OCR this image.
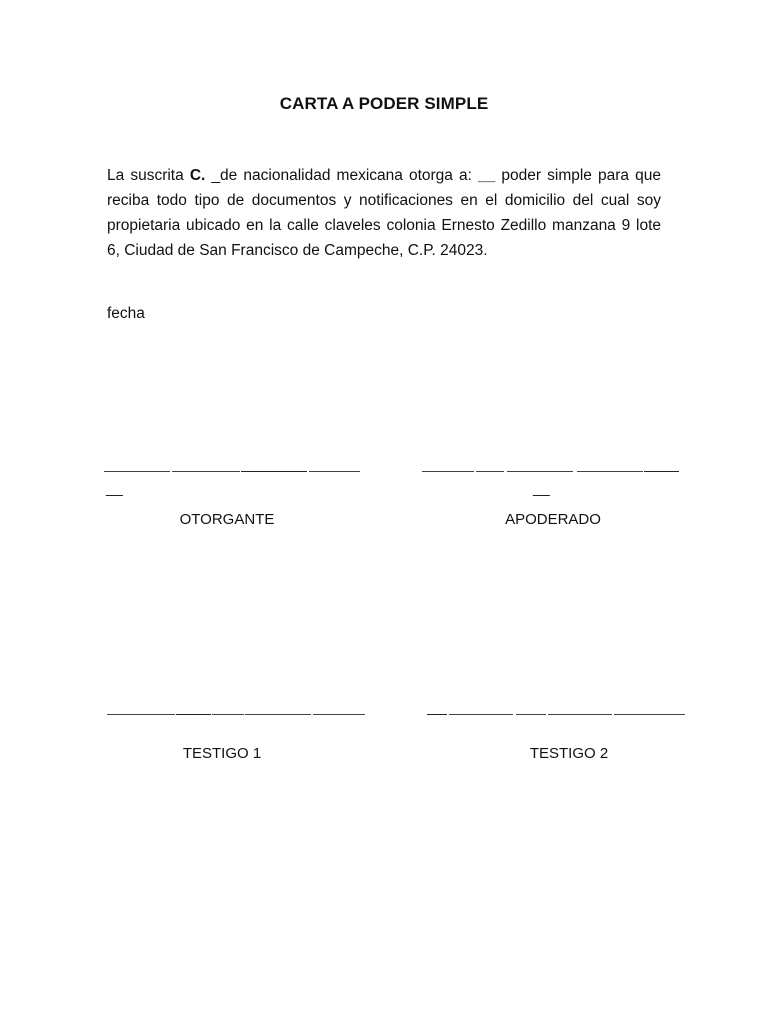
CARTA A PODER SIMPLE
La suscrita C. _de nacionalidad mexicana otorga a: __ poder simple para que reciba todo tipo de documentos y notificaciones en el domicilio del cual soy propietaria ubicado en la calle claveles colonia Ernesto Zedillo manzana 9 lote 6, Ciudad de San Francisco de Campeche, C.P. 24023.
fecha
__
OTORGANTE
__
APODERADO
TESTIGO 1	TESTIGO 2
